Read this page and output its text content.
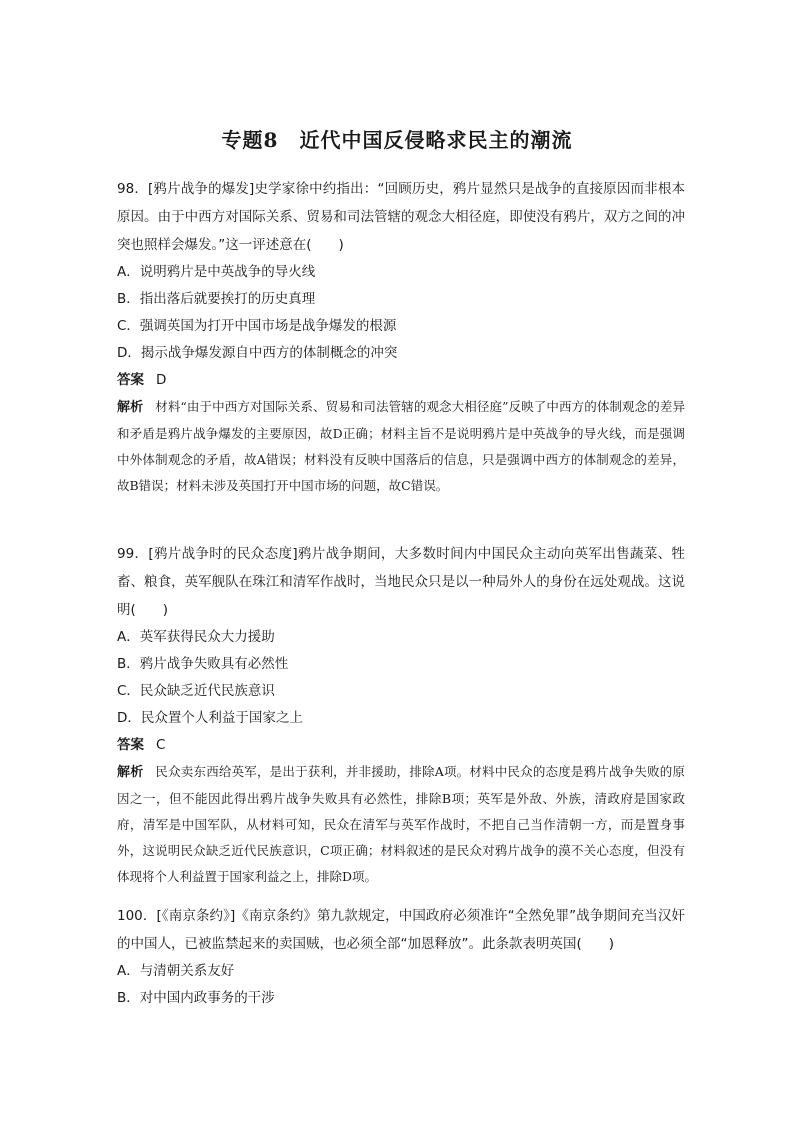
专题8　近代中国反侵略求民主的潮流

98．[鸦片战争的爆发]史学家徐中约指出：“回顾历史，鸦片显然只是战争的直接原因而非根本原因。由于中西方对国际关系、贸易和司法管辖的观念大相径庭，即使没有鸦片，双方之间的冲突也照样会爆发。”这一评述意在(　　)

A．说明鸦片是中英战争的导火线

B．指出落后就要挨打的历史真理

C．强调英国为打开中国市场是战争爆发的根源

D．揭示战争爆发源自中西方的体制概念的冲突

答案 D

解析 材料“由于中西方对国际关系、贸易和司法管辖的观念大相径庭”反映了中西方的体制观念的差异和矛盾是鸦片战争爆发的主要原因，故D正确；材料主旨不是说明鸦片是中英战争的导火线，而是强调中外体制观念的矛盾，故A错误；材料没有反映中国落后的信息，只是强调中西方的体制观念的差异，故B错误；材料未涉及英国打开中国市场的问题，故C错误。

99．[鸦片战争时的民众态度]鸦片战争期间，大多数时间内中国民众主动向英军出售蔬菜、牲畜、粮食，英军舰队在珠江和清军作战时，当地民众只是以一种局外人的身份在远处观战。这说明(　　)

A．英军获得民众大力援助

B．鸦片战争失败具有必然性

C．民众缺乏近代民族意识

D．民众置个人利益于国家之上

答案 C

解析 民众卖东西给英军，是出于获利，并非援助，排除A项。材料中民众的态度是鸦片战争失败的原因之一，但不能因此得出鸦片战争失败具有必然性，排除B项；英军是外敌、外族，清政府是国家政府，清军是中国军队，从材料可知，民众在清军与英军作战时，不把自己当作清朝一方，而是置身事外，这说明民众缺乏近代民族意识，C项正确；材料叙述的是民众对鸦片战争的漠不关心态度，但没有体现将个人利益置于国家利益之上，排除D项。

100．[《南京条约》]《南京条约》第九款规定，中国政府必须准许“全然免罪”战争期间充当汉奸的中国人，已被监禁起来的卖国贼，也必须全部“加恩释放”。此条款表明英国(　　)

A．与清朝关系友好

B．对中国内政事务的干涉
